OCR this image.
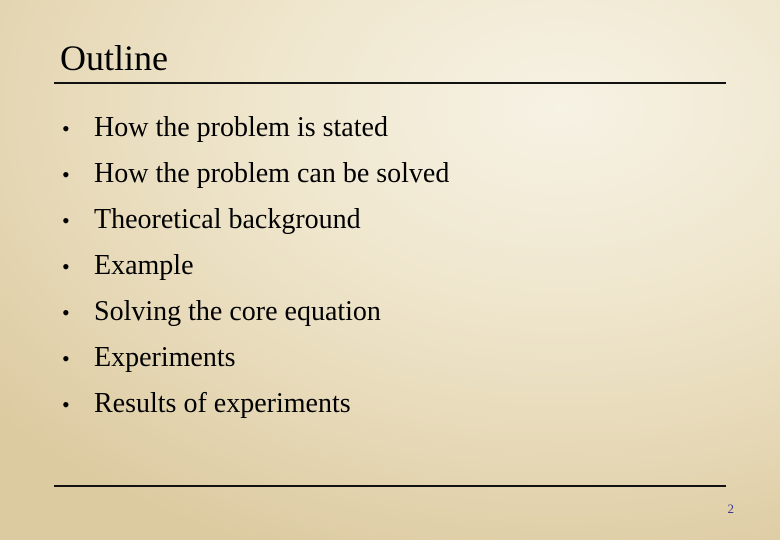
Outline
• How the problem is stated
• How the problem can be solved
• Theoretical background
• Example
• Solving the core equation
• Experiments
• Results of experiments
2
